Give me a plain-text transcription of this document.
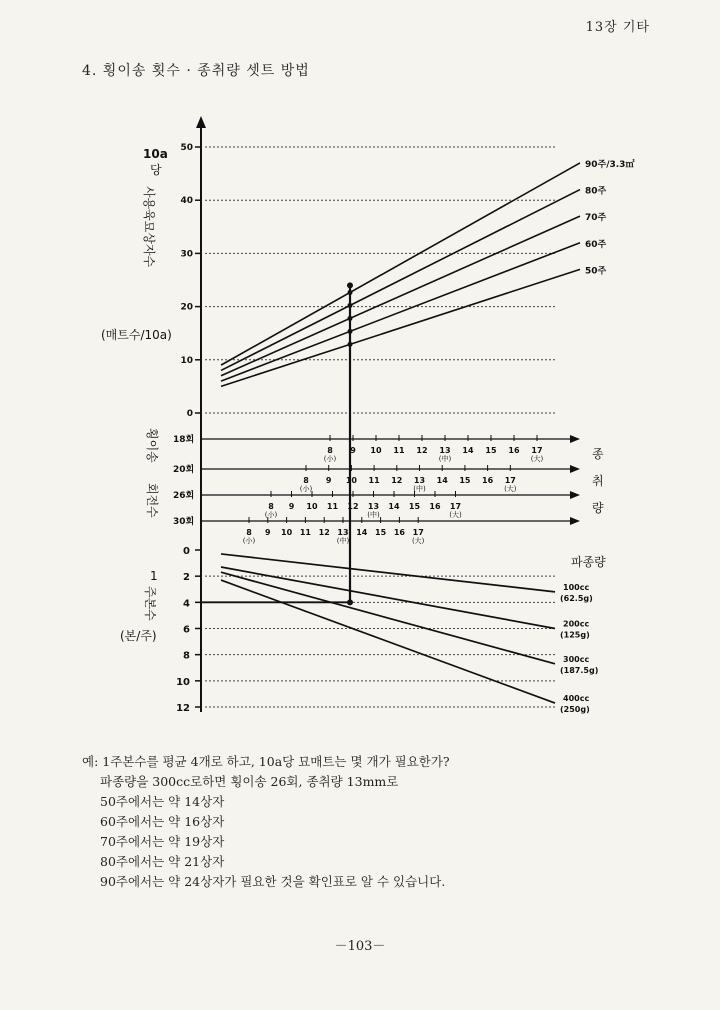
13장 기타
4. 횡이송 횟수 · 종취량 셋트 방법
10a
당
사용육묘상자수
(매트수/10a)
횡이송
회전수
종
취
량
1
주본수
(본/주)
파종량
50
40
30
20
10
0
90주/3.3㎡
80주
70주
60주
50주
18회
8 9 10 11 12 13 14 15 16 17
(小)	(中)	(大)
20회
8 9 10 11 12 13 14 15 16 17
(小)	(中)	(大)
26회
8 9 10 11 12 13 14 15 16 17
(小)	(中)	(大)
30회
8 9 10 11 12 13 14 15 16 17
(小)	(中)	(大)
0
2
4
6
8
10
12
100cc
(62.5g)
200cc
(125g)
300cc
(187.5g)
400cc
(250g)
예: 1주본수를 평균 4개로 하고, 10a당 묘매트는 몇 개가 필요한가?
파종량을 300cc로하면 횡이송 26회, 종취량 13mm로
50주에서는 약 14상자
60주에서는 약 16상자
70주에서는 약 19상자
80주에서는 약 21상자
90주에서는 약 24상자가 필요한 것을 확인표로 알 수 있습니다.
－103－
